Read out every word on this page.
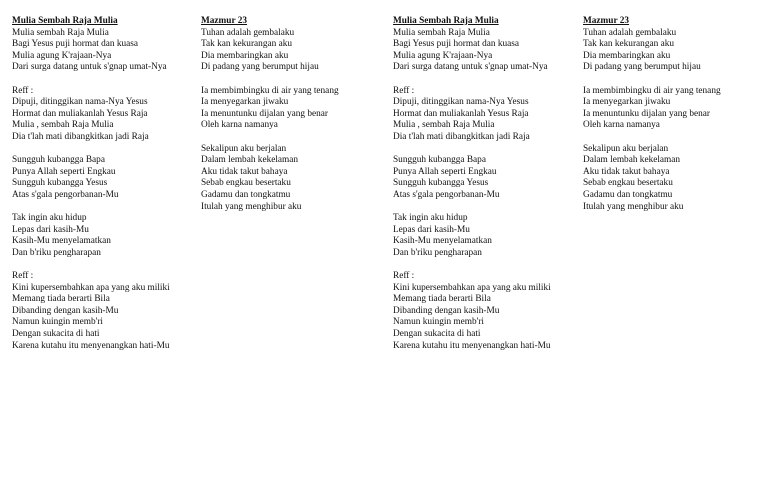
Mulia Sembah Raja Mulia
Mulia sembah Raja Mulia
Bagi Yesus puji hormat dan kuasa
Mulia agung K'rajaan-Nya
Dari surga datang untuk s'gnap umat-Nya
Reff :
Dipuji, ditinggikan nama-Nya Yesus
Hormat dan muliakanlah Yesus Raja
Mulia , sembah Raja Mulia
Dia t'lah mati dibangkitkan jadi Raja
Sungguh kubangga Bapa
Punya Allah seperti Engkau
Sungguh kubangga Yesus
Atas s'gala pengorbanan-Mu
Tak ingin aku hidup
Lepas dari kasih-Mu
Kasih-Mu menyelamatkan
Dan b'riku pengharapan
Reff :
Kini kupersembahkan apa yang aku miliki
Memang tiada berarti Bila
Dibanding dengan kasih-Mu
Namun kuingin memb'ri
Dengan sukacita di hati
Karena kutahu itu menyenangkan hati-Mu
Mazmur 23
Tuhan adalah gembalaku
Tak kan kekurangan aku
Dia membaringkan aku
Di padang yang berumput hijau
Ia membimbingku di air yang tenang
Ia menyegarkan jiwaku
Ia menuntunku dijalan yang benar
Oleh karna namanya
Sekalipun aku berjalan
Dalam lembah kekelaman
Aku tidak takut bahaya
Sebab engkau besertaku
Gadamu dan tongkatmu
Itulah yang menghibur aku
Mulia Sembah Raja Mulia
Mulia sembah Raja Mulia
Bagi Yesus puji hormat dan kuasa
Mulia agung K'rajaan-Nya
Dari surga datang untuk s'gnap umat-Nya
Reff :
Dipuji, ditinggikan nama-Nya Yesus
Hormat dan muliakanlah Yesus Raja
Mulia , sembah Raja Mulia
Dia t'lah mati dibangkitkan jadi Raja
Sungguh kubangga Bapa
Punya Allah seperti Engkau
Sungguh kubangga Yesus
Atas s'gala pengorbanan-Mu
Tak ingin aku hidup
Lepas dari kasih-Mu
Kasih-Mu menyelamatkan
Dan b'riku pengharapan
Reff :
Kini kupersembahkan apa yang aku miliki
Memang tiada berarti Bila
Dibanding dengan kasih-Mu
Namun kuingin memb'ri
Dengan sukacita di hati
Karena kutahu itu menyenangkan hati-Mu
Mazmur 23
Tuhan adalah gembalaku
Tak kan kekurangan aku
Dia membaringkan aku
Di padang yang berumput hijau
Ia membimbingku di air yang tenang
Ia menyegarkan jiwaku
Ia menuntunku dijalan yang benar
Oleh karna namanya
Sekalipun aku berjalan
Dalam lembah kekelaman
Aku tidak takut bahaya
Sebab engkau besertaku
Gadamu dan tongkatmu
Itulah yang menghibur aku
